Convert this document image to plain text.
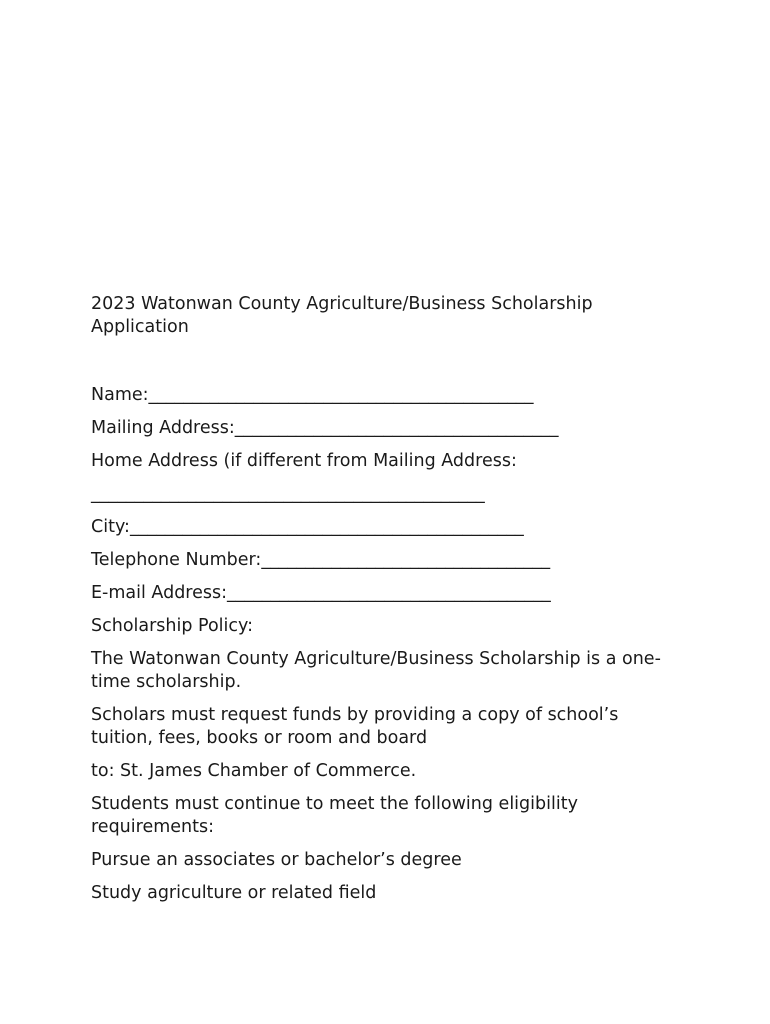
2023 Watonwan County Agriculture/Business Scholarship Application
Name:____________________________________________
Mailing Address:_____________________________________
Home Address (if different from Mailing Address:
_____________________________________________
City:_____________________________________________
Telephone Number:_________________________________
E-mail Address:_____________________________________
Scholarship Policy:
The Watonwan County Agriculture/Business Scholarship is a one-time scholarship.
Scholars must request funds by providing a copy of school’s tuition, fees, books or room and board
to: St. James Chamber of Commerce.
Students must continue to meet the following eligibility requirements:
Pursue an associates or bachelor’s degree
Study agriculture or related field
